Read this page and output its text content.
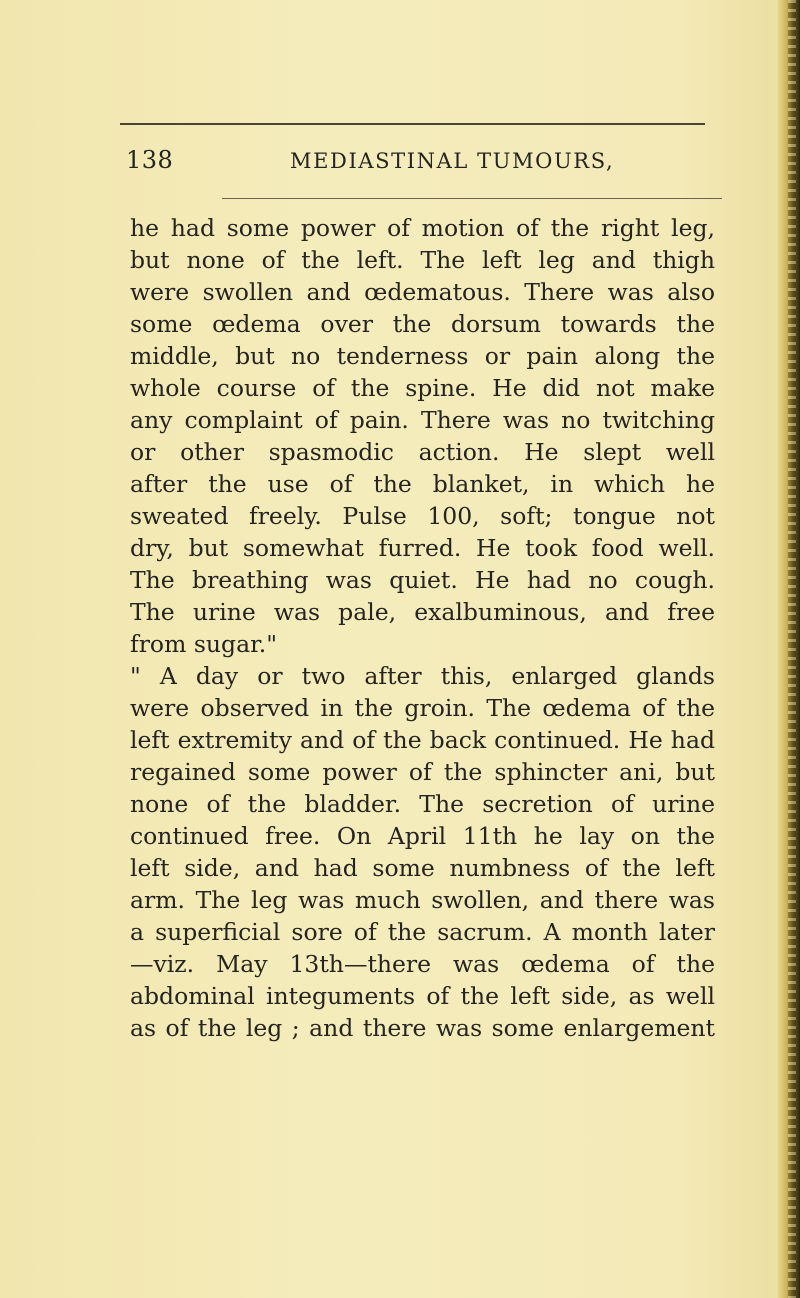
138	MEDIASTINAL TUMOURS,
he had some power of motion of the right leg,
but none of the left. The left leg and thigh
were swollen and œdematous. There was also
some œdema over the dorsum towards the
middle, but no tenderness or pain along the
whole course of the spine. He did not make
any complaint of pain. There was no twitching
or other spasmodic action. He slept well
after the use of the blanket, in which he
sweated freely. Pulse 100, soft; tongue not
dry, but somewhat furred. He took food well.
The breathing was quiet. He had no cough.
The urine was pale, exalbuminous, and free
from sugar."
" A day or two after this, enlarged glands
were observed in the groin. The œdema of the
left extremity and of the back continued. He had
regained some power of the sphincter ani, but
none of the bladder. The secretion of urine
continued free. On April 11th he lay on the
left side, and had some numbness of the left
arm. The leg was much swollen, and there was
a superficial sore of the sacrum. A month later
—viz. May 13th—there was œdema of the
abdominal integuments of the left side, as well
as of the leg ; and there was some enlargement
